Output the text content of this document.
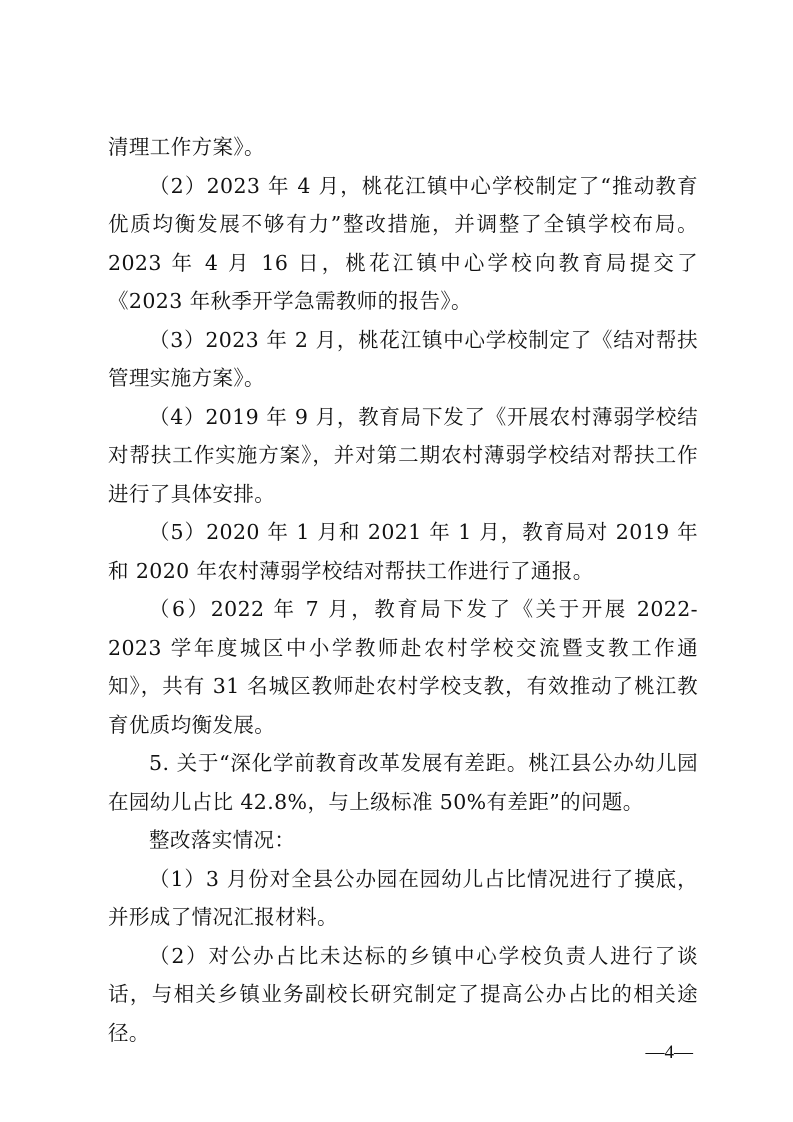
清理工作方案》。

（2）2023 年 4 月，桃花江镇中心学校制定了“推动教育优质均衡发展不够有力”整改措施，并调整了全镇学校布局。2023 年 4 月 16 日，桃花江镇中心学校向教育局提交了《2023 年秋季开学急需教师的报告》。

（3）2023 年 2 月，桃花江镇中心学校制定了《结对帮扶管理实施方案》。

（4）2019 年 9 月，教育局下发了《开展农村薄弱学校结对帮扶工作实施方案》，并对第二期农村薄弱学校结对帮扶工作进行了具体安排。

（5）2020 年 1 月和 2021 年 1 月，教育局对 2019 年和 2020 年农村薄弱学校结对帮扶工作进行了通报。

（6）2022 年 7 月，教育局下发了《关于开展 2022-2023 学年度城区中小学教师赴农村学校交流暨支教工作通知》，共有 31 名城区教师赴农村学校支教，有效推动了桃江教育优质均衡发展。

5. 关于“深化学前教育改革发展有差距。桃江县公办幼儿园在园幼儿占比 42.8%，与上级标准 50%有差距”的问题。

整改落实情况：

（1）3 月份对全县公办园在园幼儿占比情况进行了摸底，并形成了情况汇报材料。

（2）对公办占比未达标的乡镇中心学校负责人进行了谈话，与相关乡镇业务副校长研究制定了提高公办占比的相关途径。

—4—
